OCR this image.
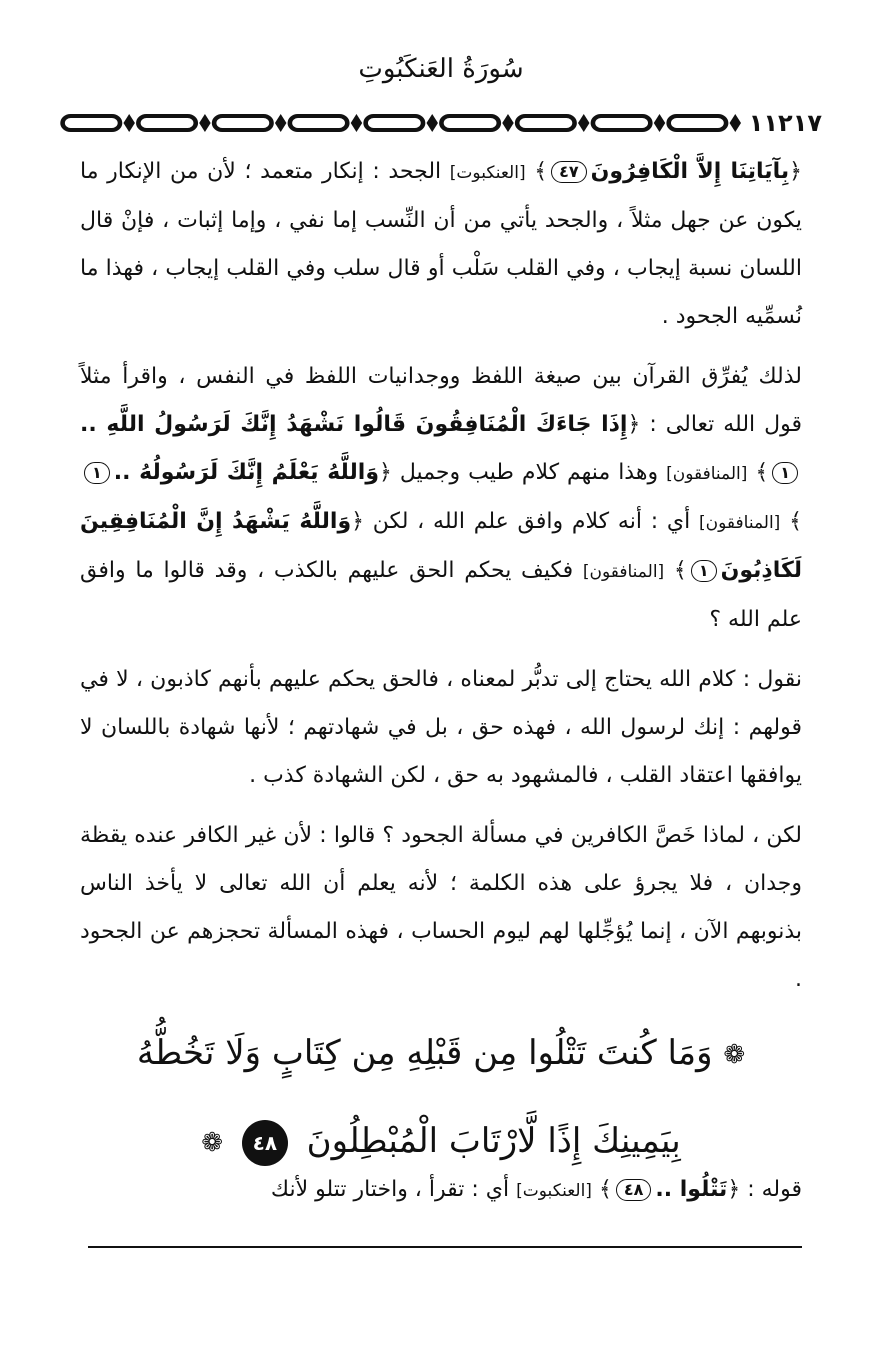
سُورَةُ العَنكَبُوتِ
١١٢١٧

﴿بِآيَاتِنَا إِلاَّ الْكَافِرُونَ٤٧﴾ [العنكبوت] الجحد : إنكار متعمد ؛ لأن من الإنكار ما يكون عن جهل مثلاً ، والجحد يأتي من أن النِّسب إما نفي ، وإما إثبات ، فإنْ قال اللسان نسبة إيجاب ، وفي القلب سَلْب أو قال سلب وفي القلب إيجاب ، فهذا ما نُسمِّيه الجحود .

لذلك يُفرِّق القرآن بين صيغة اللفظ ووجدانيات اللفظ في النفس ، واقرأ مثلاً قول الله تعالى : ﴿إِذَا جَاءَكَ الْمُنَافِقُونَ قَالُوا نَشْهَدُ إِنَّكَ لَرَسُولُ اللَّهِ ..١﴾ [المنافقون] وهذا منهم كلام طيب وجميل ﴿وَاللَّهُ يَعْلَمُ إِنَّكَ لَرَسُولُهُ ..١﴾ [المنافقون] أي : أنه كلام وافق علم الله ، لكن ﴿وَاللَّهُ يَشْهَدُ إِنَّ الْمُنَافِقِينَ لَكَاذِبُونَ١﴾ [المنافقون] فكيف يحكم الحق عليهم بالكذب ، وقد قالوا ما وافق علم الله ؟

نقول : كلام الله يحتاج إلى تدبُّر لمعناه ، فالحق يحكم عليهم بأنهم كاذبون ، لا في قولهم : إنك لرسول الله ، فهذه حق ، بل في شهادتهم ؛ لأنها شهادة باللسان لا يوافقها اعتقاد القلب ، فالمشهود به حق ، لكن الشهادة كذب .

لكن ، لماذا خَصَّ الكافرين في مسألة الجحود ؟ قالوا : لأن غير الكافر عنده يقظة وجدان ، فلا يجرؤ على هذه الكلمة ؛ لأنه يعلم أن الله تعالى لا يأخذ الناس بذنوبهم الآن ، إنما يُؤجِّلها لهم ليوم الحساب ، فهذه المسألة تحجزهم عن الجحود .

❁ وَمَا كُنتَ تَتْلُوا مِن قَبْلِهِ مِن كِتَابٍ وَلَا تَخُطُّهُ
بِيَمِينِكَ إِذًا لَّارْتَابَ الْمُبْطِلُونَ ٤٨ ❁
قوله : ﴿تَتْلُوا ..٤٨﴾ [العنكبوت] أي : تقرأ ، واختار تتلو لأنك
